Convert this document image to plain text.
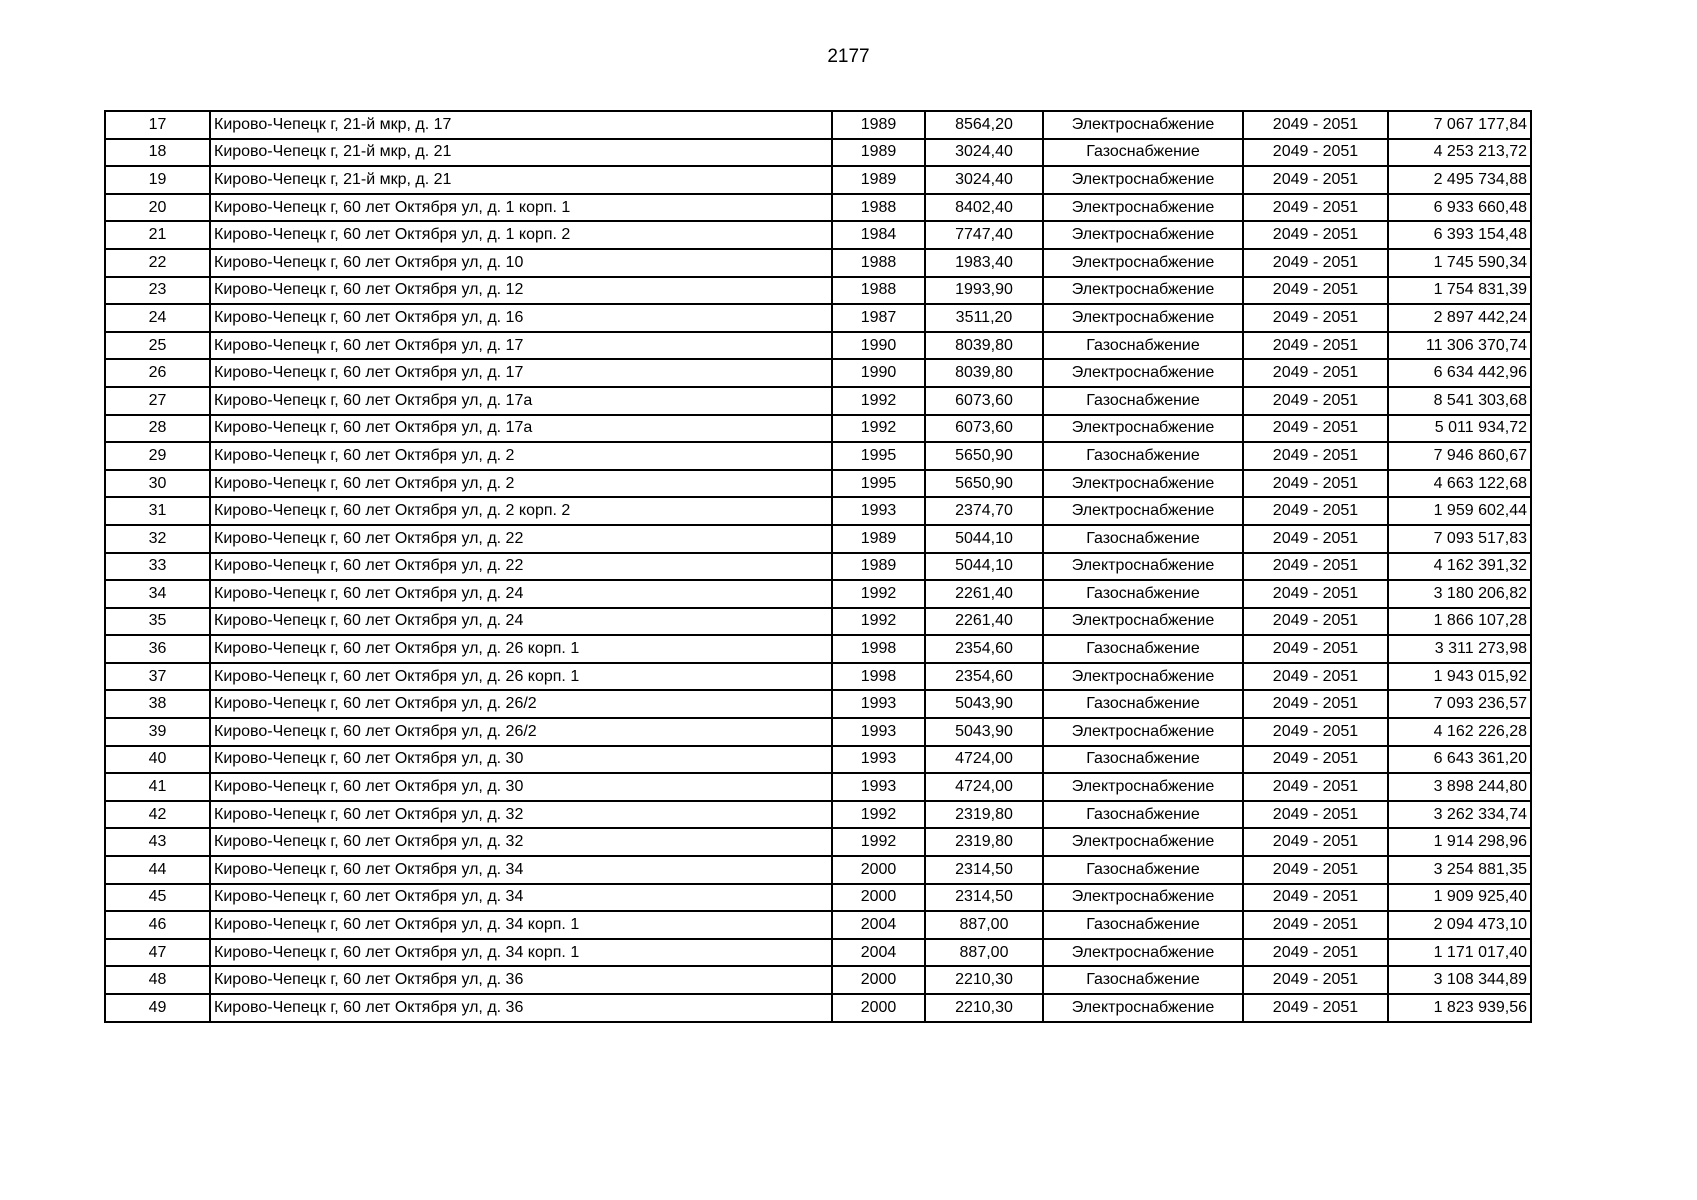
2177
17	Кирово-Чепецк г, 21-й мкр, д. 17	1989	8564,20	Электроснабжение	2049 - 2051	7 067 177,84
18	Кирово-Чепецк г, 21-й мкр, д. 21	1989	3024,40	Газоснабжение	2049 - 2051	4 253 213,72
19	Кирово-Чепецк г, 21-й мкр, д. 21	1989	3024,40	Электроснабжение	2049 - 2051	2 495 734,88
20	Кирово-Чепецк г, 60 лет Октября ул, д. 1 корп. 1	1988	8402,40	Электроснабжение	2049 - 2051	6 933 660,48
21	Кирово-Чепецк г, 60 лет Октября ул, д. 1 корп. 2	1984	7747,40	Электроснабжение	2049 - 2051	6 393 154,48
22	Кирово-Чепецк г, 60 лет Октября ул, д. 10	1988	1983,40	Электроснабжение	2049 - 2051	1 745 590,34
23	Кирово-Чепецк г, 60 лет Октября ул, д. 12	1988	1993,90	Электроснабжение	2049 - 2051	1 754 831,39
24	Кирово-Чепецк г, 60 лет Октября ул, д. 16	1987	3511,20	Электроснабжение	2049 - 2051	2 897 442,24
25	Кирово-Чепецк г, 60 лет Октября ул, д. 17	1990	8039,80	Газоснабжение	2049 - 2051	11 306 370,74
26	Кирово-Чепецк г, 60 лет Октября ул, д. 17	1990	8039,80	Электроснабжение	2049 - 2051	6 634 442,96
27	Кирово-Чепецк г, 60 лет Октября ул, д. 17а	1992	6073,60	Газоснабжение	2049 - 2051	8 541 303,68
28	Кирово-Чепецк г, 60 лет Октября ул, д. 17а	1992	6073,60	Электроснабжение	2049 - 2051	5 011 934,72
29	Кирово-Чепецк г, 60 лет Октября ул, д. 2	1995	5650,90	Газоснабжение	2049 - 2051	7 946 860,67
30	Кирово-Чепецк г, 60 лет Октября ул, д. 2	1995	5650,90	Электроснабжение	2049 - 2051	4 663 122,68
31	Кирово-Чепецк г, 60 лет Октября ул, д. 2 корп. 2	1993	2374,70	Электроснабжение	2049 - 2051	1 959 602,44
32	Кирово-Чепецк г, 60 лет Октября ул, д. 22	1989	5044,10	Газоснабжение	2049 - 2051	7 093 517,83
33	Кирово-Чепецк г, 60 лет Октября ул, д. 22	1989	5044,10	Электроснабжение	2049 - 2051	4 162 391,32
34	Кирово-Чепецк г, 60 лет Октября ул, д. 24	1992	2261,40	Газоснабжение	2049 - 2051	3 180 206,82
35	Кирово-Чепецк г, 60 лет Октября ул, д. 24	1992	2261,40	Электроснабжение	2049 - 2051	1 866 107,28
36	Кирово-Чепецк г, 60 лет Октября ул, д. 26 корп. 1	1998	2354,60	Газоснабжение	2049 - 2051	3 311 273,98
37	Кирово-Чепецк г, 60 лет Октября ул, д. 26 корп. 1	1998	2354,60	Электроснабжение	2049 - 2051	1 943 015,92
38	Кирово-Чепецк г, 60 лет Октября ул, д. 26/2	1993	5043,90	Газоснабжение	2049 - 2051	7 093 236,57
39	Кирово-Чепецк г, 60 лет Октября ул, д. 26/2	1993	5043,90	Электроснабжение	2049 - 2051	4 162 226,28
40	Кирово-Чепецк г, 60 лет Октября ул, д. 30	1993	4724,00	Газоснабжение	2049 - 2051	6 643 361,20
41	Кирово-Чепецк г, 60 лет Октября ул, д. 30	1993	4724,00	Электроснабжение	2049 - 2051	3 898 244,80
42	Кирово-Чепецк г, 60 лет Октября ул, д. 32	1992	2319,80	Газоснабжение	2049 - 2051	3 262 334,74
43	Кирово-Чепецк г, 60 лет Октября ул, д. 32	1992	2319,80	Электроснабжение	2049 - 2051	1 914 298,96
44	Кирово-Чепецк г, 60 лет Октября ул, д. 34	2000	2314,50	Газоснабжение	2049 - 2051	3 254 881,35
45	Кирово-Чепецк г, 60 лет Октября ул, д. 34	2000	2314,50	Электроснабжение	2049 - 2051	1 909 925,40
46	Кирово-Чепецк г, 60 лет Октября ул, д. 34 корп. 1	2004	887,00	Газоснабжение	2049 - 2051	2 094 473,10
47	Кирово-Чепецк г, 60 лет Октября ул, д. 34 корп. 1	2004	887,00	Электроснабжение	2049 - 2051	1 171 017,40
48	Кирово-Чепецк г, 60 лет Октября ул, д. 36	2000	2210,30	Газоснабжение	2049 - 2051	3 108 344,89
49	Кирово-Чепецк г, 60 лет Октября ул, д. 36	2000	2210,30	Электроснабжение	2049 - 2051	1 823 939,56
